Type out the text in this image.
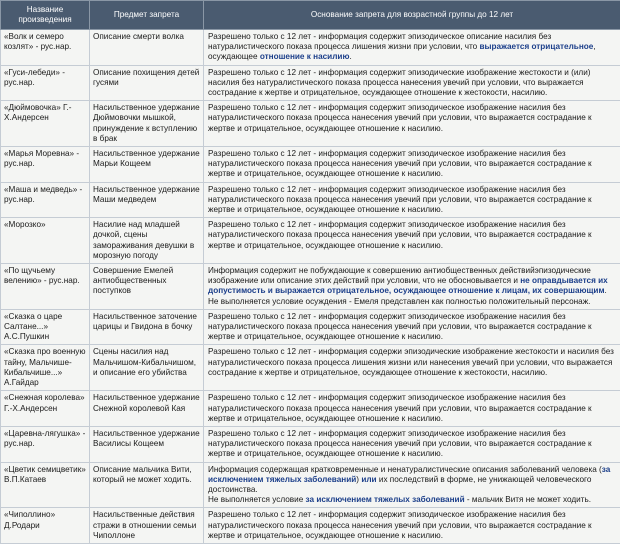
Название произведения	Предмет запрета	Основание запрета для возрастной группы до 12 лет
«Волк и семеро козлят» - рус.нар.	Описание смерти волка	Разрешено только с 12 лет - информация содержит эпизодическое описание насилия без натуралистического показа процесса лишения жизни при условии, что выражается отрицательное, осуждающее отношение к насилию.
«Гуси-лебеди» - рус.нар.	Описание похищения детей гусями	Разрешено только с 12 лет - информация содержит эпизодические изображение жестокости и (или) насилия без натуралистического показа процесса нанесения увечий при условии, что выражается сострадание к жертве и отрицательное, осуждающее отношение к жестокости, насилию.
«Дюймовочка» Г.-Х.Андерсен	Насильственное удержание Дюймовочки мышкой, принуждение к вступлению в брак	Разрешено только с 12 лет - информация содержит эпизодическое изображение насилия без натуралистического показа процесса нанесения увечий при условии, что выражается сострадание к жертве и отрицательное, осуждающее отношение к насилию.
«Марья Моревна» - рус.нар.	Насильственное удержание Марьи Кощеем	Разрешено только с 12 лет - информация содержит эпизодическое изображение насилия без натуралистического показа процесса нанесения увечий при условии, что выражается сострадание к жертве и отрицательное, осуждающее отношение к насилию.
«Маша и медведь» - рус.нар.	Насильственное удержание Маши медведем	Разрешено только с 12 лет - информация содержит эпизодическое изображение насилия без натуралистического показа процесса нанесения увечий при условии, что выражается сострадание к жертве и отрицательное, осуждающее отношение к насилию.
«Морозко»	Насилие над младшей дочкой, сцены замораживания девушки в морозную погоду	Разрешено только с 12 лет - информация содержит эпизодическое изображение насилия без натуралистического показа процесса нанесения увечий при условии, что выражается сострадание к жертве и отрицательное, осуждающее отношение к насилию.
«По щучьему велению» - рус.нар.	Совершение Емелей антиобщественных поступков	Информация содержит не побуждающие к совершению антиобщественных действийэпизодические изображение или описание этих действий при условии, что не обосновывается и не оправдывается их допустимость и выражается отрицательное, осуждающее отношение к лицам, их совершающим. Не выполняется условие осуждения - Емеля представлен как полностью положительный персонаж.
«Сказка о царе Салтане...» А.С.Пушкин	Насильственное заточение царицы и Гвидона в бочку	Разрешено только с 12 лет - информация содержит эпизодическое изображение насилия без натуралистического показа процесса нанесения увечий при условии, что выражается сострадание к жертве и отрицательное, осуждающее отношение к насилию.
«Сказка про военную тайну, Мальчише-Кибальчише...» А.Гайдар	Сцены насилия над Мальчишом-Кибальчишом, и описание его убийства	Разрешено только с 12 лет - информация содержи эпизодические изображение жестокости и насилия без натуралистического показа процесса лишения жизни или нанесения увечий при условии, что выражается сострадание к жертве и отрицательное, осуждающее отношение к жестокости, насилию.
«Снежная королева» Г.-Х.Андерсен	Насильственное удержание Снежной королевой Кая	Разрешено только с 12 лет - информация содержит эпизодическое изображение насилия без натуралистического показа процесса нанесения увечий при условии, что выражается сострадание к жертве и отрицательное, осуждающее отношение к насилию.
«Царевна-лягушка» - рус.нар.	Насильственное удержание Василисы Кощеем	Разрешено только с 12 лет - информация содержит эпизодическое изображение насилия без натуралистического показа процесса нанесения увечий при условии, что выражается сострадание к жертве и отрицательное, осуждающее отношение к насилию.
«Цветик семицветик» В.П.Катаев	Описание мальчика Вити, который не может ходить.	Информация содержащая кратковременные и ненатуралистические описания заболеваний человека (за исключением тяжелых заболеваний) или их последствий в форме, не унижающей человеческого достоинства.
Не выполняется условие за исключением тяжелых заболеваний - мальчик Витя не может ходить.
«Чиполлино» Д.Родари	Насильственные действия стражи в отношении семьи Чиполлоне	Разрешено только с 12 лет - информация содержит эпизодическое изображение насилия без натуралистического показа процесса нанесения увечий при условии, что выражается сострадание к жертве и отрицательное, осуждающее отношение к насилию.
